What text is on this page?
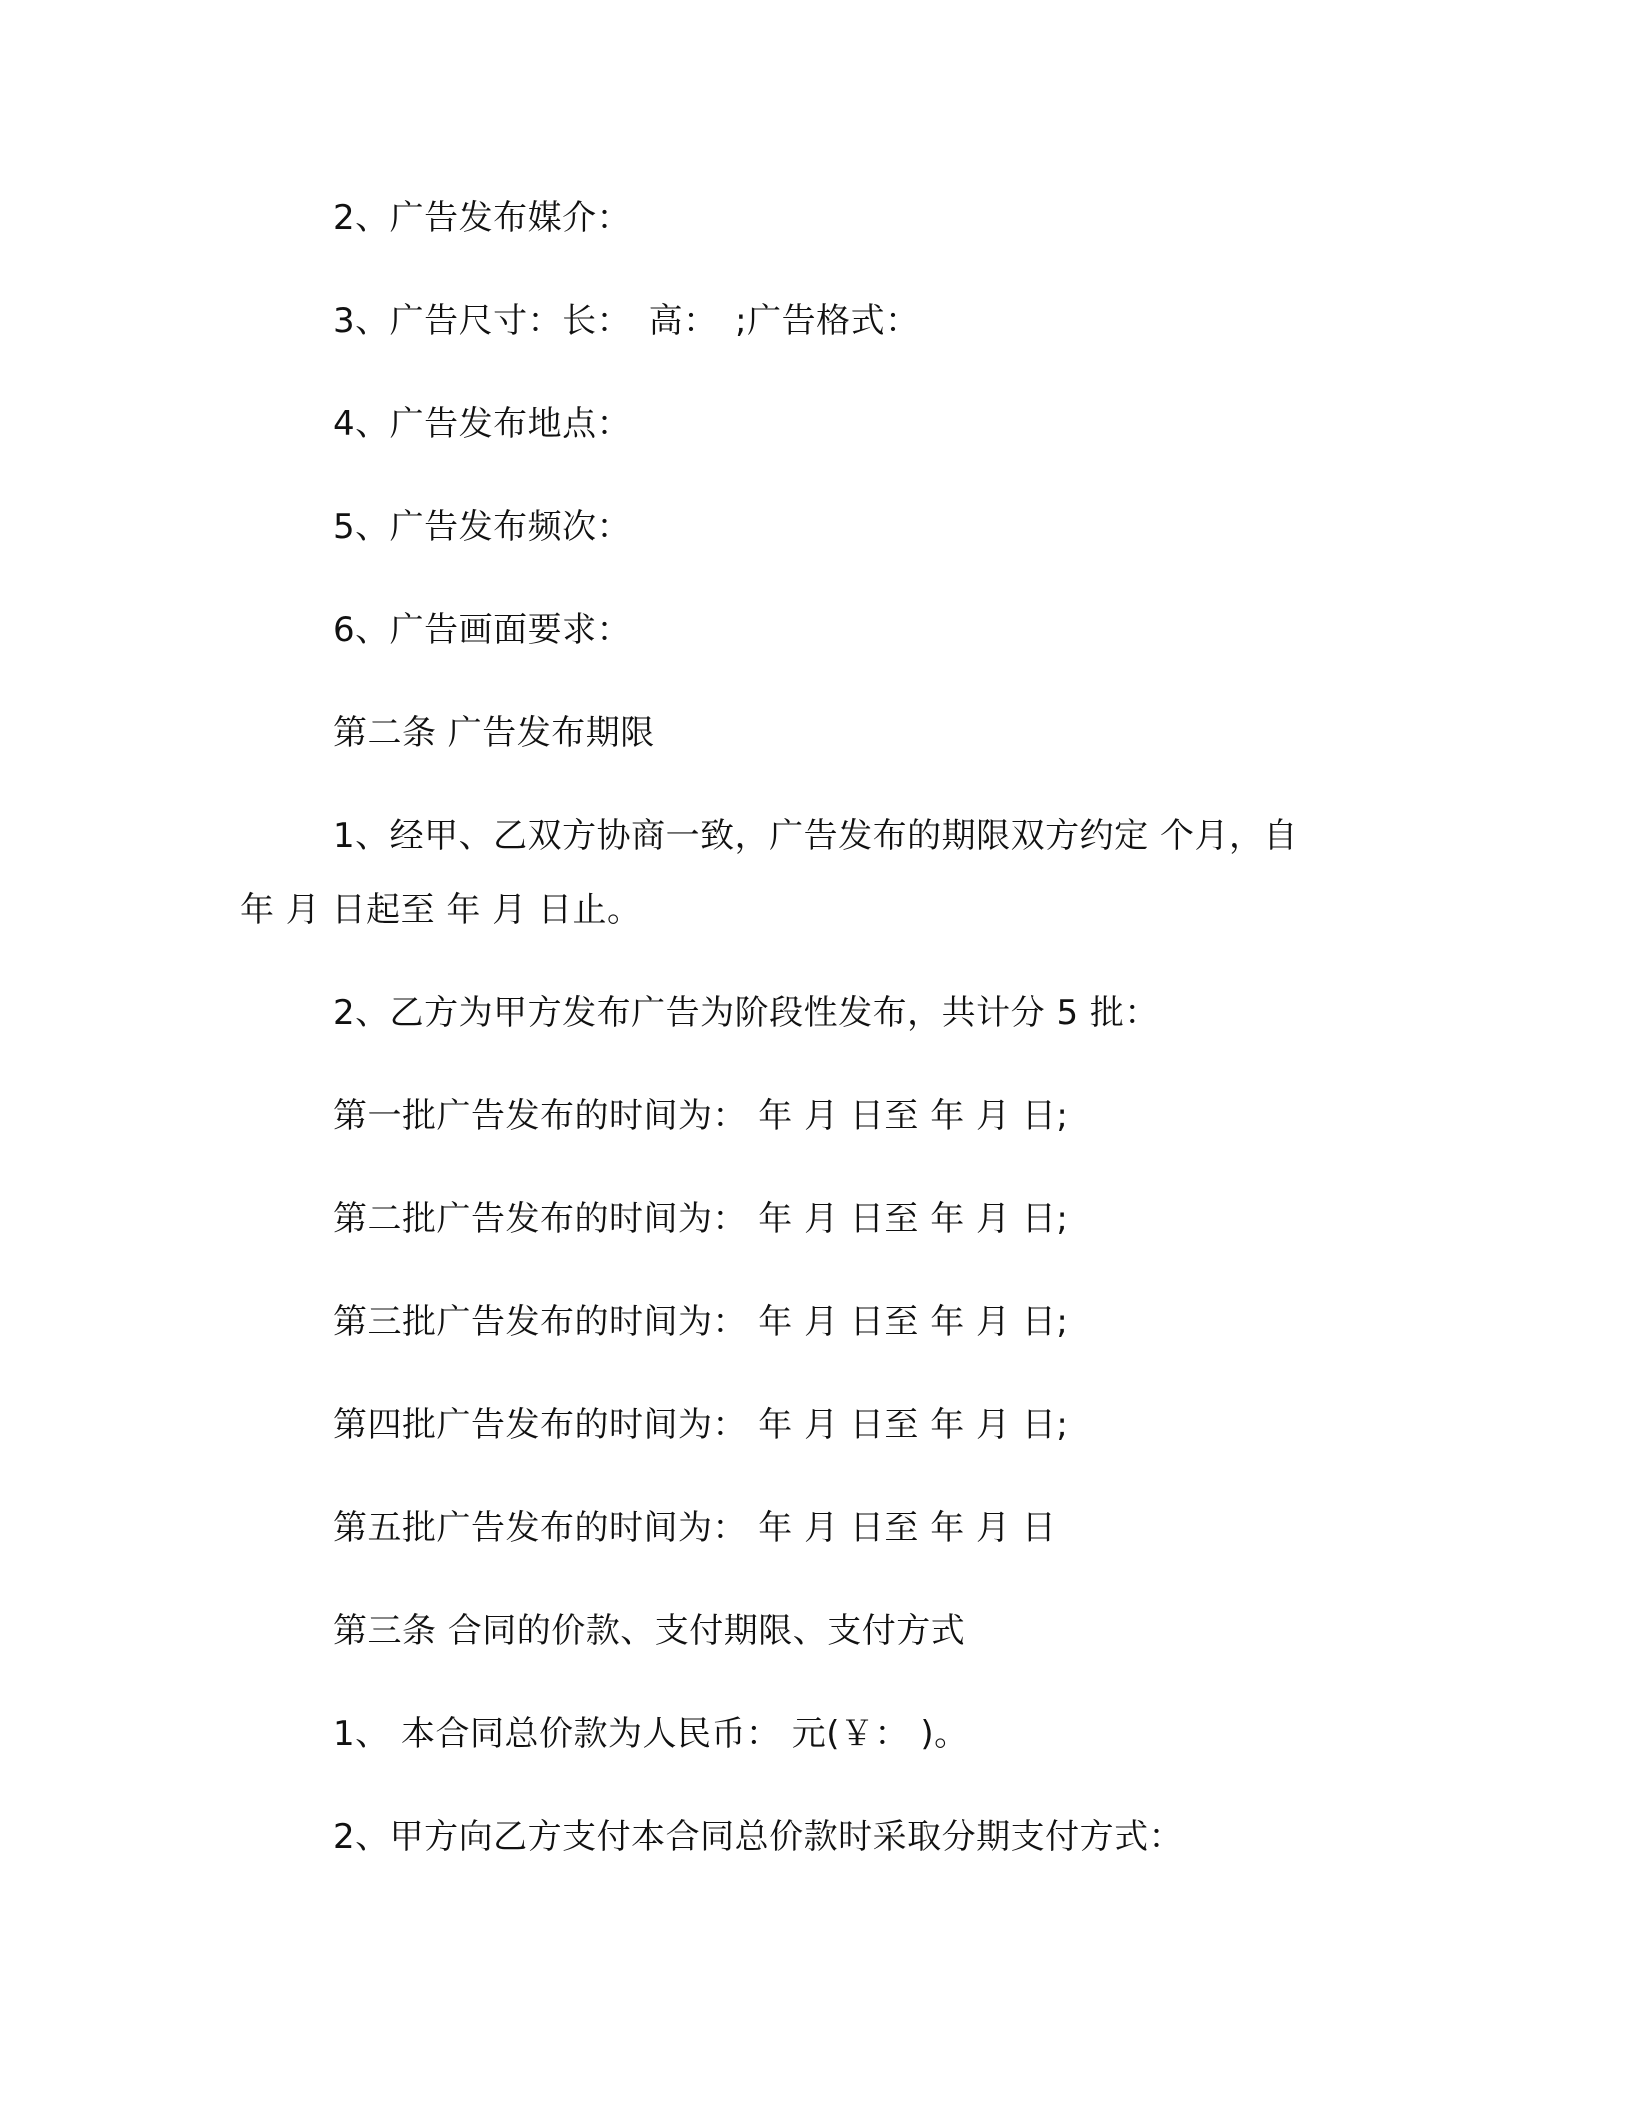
2、广告发布媒介：
3、广告尺寸：长：　高：　;广告格式：
4、广告发布地点：
5、广告发布频次：
6、广告画面要求：
第二条 广告发布期限
1、经甲、乙双方协商一致，广告发布的期限双方约定 个月，自
年 月 日起至 年 月 日止。
2、乙方为甲方发布广告为阶段性发布，共计分 5 批：
第一批广告发布的时间为： 年 月 日至 年 月 日;
第二批广告发布的时间为： 年 月 日至 年 月 日;
第三批广告发布的时间为： 年 月 日至 年 月 日;
第四批广告发布的时间为： 年 月 日至 年 月 日;
第五批广告发布的时间为： 年 月 日至 年 月 日
第三条 合同的价款、支付期限、支付方式
1、 本合同总价款为人民币： 元(￥： )。
2、甲方向乙方支付本合同总价款时采取分期支付方式：
